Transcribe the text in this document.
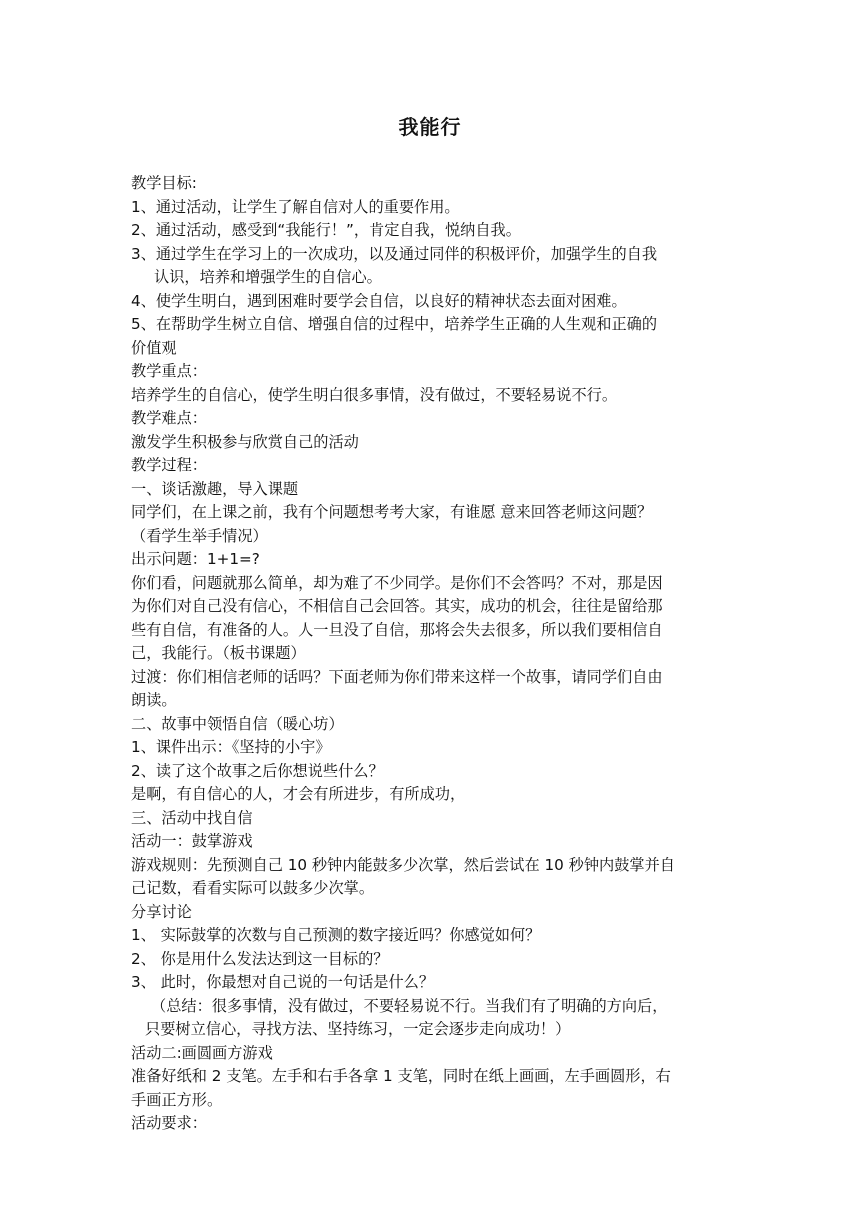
我能行
教学目标:
1、通过活动，让学生了解自信对人的重要作用。
2、通过活动，感受到“我能行！”，肯定自我，悦纳自我。
3、通过学生在学习上的一次成功，以及通过同伴的积极评价，加强学生的自我
认识，培养和增强学生的自信心。
4、使学生明白，遇到困难时要学会自信，以良好的精神状态去面对困难。
5、在帮助学生树立自信、增强自信的过程中，培养学生正确的人生观和正确的
价值观
教学重点：
培养学生的自信心，使学生明白很多事情，没有做过，不要轻易说不行。
教学难点：
激发学生积极参与欣赏自己的活动
教学过程：
一、谈话激趣，导入课题
同学们，在上课之前，我有个问题想考考大家，有谁愿 意来回答老师这问题？
（看学生举手情况）
出示问题：1+1=?
你们看，问题就那么简单，却为难了不少同学。是你们不会答吗？不对，那是因
为你们对自己没有信心，不相信自己会回答。其实，成功的机会，往往是留给那
些有自信，有准备的人。人一旦没了自信，那将会失去很多，所以我们要相信自
己，我能行。（板书课题）
过渡：你们相信老师的话吗？下面老师为你们带来这样一个故事，请同学们自由
朗读。
二、故事中领悟自信（暖心坊）
1、课件出示：《坚持的小宇》
2、读了这个故事之后你想说些什么？
是啊，有自信心的人，才会有所进步，有所成功，
三、活动中找自信
活动一：鼓掌游戏
游戏规则：先预测自己 10 秒钟内能鼓多少次掌，然后尝试在 10 秒钟内鼓掌并自
己记数，看看实际可以鼓多少次掌。
分享讨论
1、 实际鼓掌的次数与自己预测的数字接近吗？你感觉如何？
2、 你是用什么发法达到这一目标的？
3、 此时，你最想对自己说的一句话是什么？
（总结：很多事情，没有做过，不要轻易说不行。当我们有了明确的方向后，
只要树立信心，寻找方法、坚持练习，一定会逐步走向成功！）
活动二:画圆画方游戏
准备好纸和 2 支笔。左手和右手各拿 1 支笔，同时在纸上画画，左手画圆形，右
手画正方形。
活动要求：
